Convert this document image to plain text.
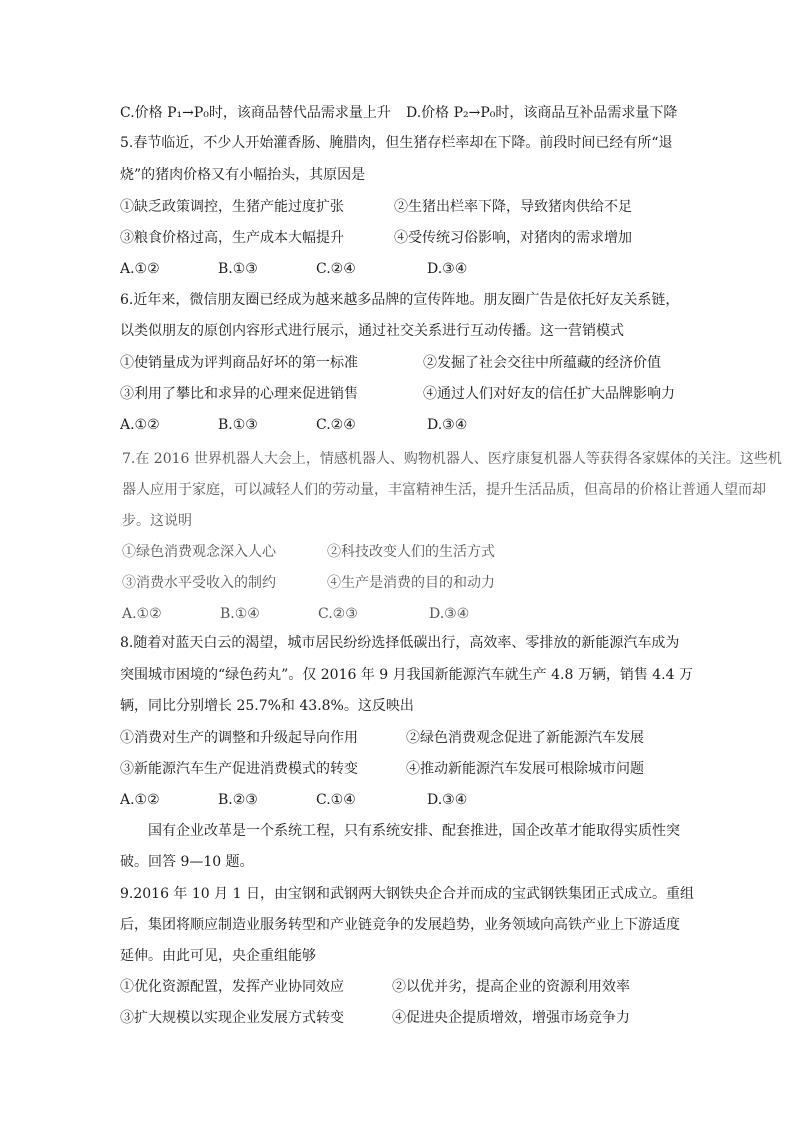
C.价格 P₁→P₀时，该商品替代品需求量上升 D.价格 P₂→P₀时，该商品互补品需求量下降
5.春节临近，不少人开始灌香肠、腌腊肉，但生猪存栏率却在下降。前段时间已经有所“退
烧”的猪肉价格又有小幅抬头，其原因是
①缺乏政策调控，生猪产能过度扩张	②生猪出栏率下降，导致猪肉供给不足
③粮食价格过高，生产成本大幅提升	④受传统习俗影响，对猪肉的需求增加
A.①②	B.①③	C.②④	D.③④
6.近年来，微信朋友圈已经成为越来越多品牌的宣传阵地。朋友圈广告是依托好友关系链，
以类似朋友的原创内容形式进行展示，通过社交关系进行互动传播。这一营销模式
①使销量成为评判商品好坏的第一标准	②发掘了社会交往中所蕴藏的经济价值
③利用了攀比和求异的心理来促进销售	④通过人们对好友的信任扩大品牌影响力
A.①②	B.①③	C.②④	D.③④
7.在 2016 世界机器人大会上，情感机器人、购物机器人、医疗康复机器人等获得各家媒体的关注。这些机
器人应用于家庭，可以减轻人们的劳动量，丰富精神生活，提升生活品质，但高昂的价格让普通人望而却
步。这说明
①绿色消费观念深入人心	②科技改变人们的生活方式
③消费水平受收入的制约	④生产是消费的目的和动力
A.①②	B.①④	C.②③	D.③④
8.随着对蓝天白云的渴望，城市居民纷纷选择低碳出行，高效率、零排放的新能源汽车成为
突围城市困境的“绿色药丸”。仅 2016 年 9 月我国新能源汽车就生产 4.8 万辆，销售 4.4 万
辆，同比分别增长 25.7%和 43.8%。这反映出
①消费对生产的调整和升级起导向作用	②绿色消费观念促进了新能源汽车发展
③新能源汽车生产促进消费模式的转变	④推动新能源汽车发展可根除城市问题
A.①②	B.②③	C.①④	D.③④
国有企业改革是一个系统工程，只有系统安排、配套推进，国企改革才能取得实质性突
破。回答 9—10 题。
9.2016 年 10 月 1 日，由宝钢和武钢两大钢铁央企合并而成的宝武钢铁集团正式成立。重组
后，集团将顺应制造业服务转型和产业链竞争的发展趋势，业务领域向高铁产业上下游适度
延伸。由此可见，央企重组能够
①优化资源配置，发挥产业协同效应	②以优并劣，提高企业的资源利用效率
③扩大规模以实现企业发展方式转变	④促进央企提质增效，增强市场竞争力
